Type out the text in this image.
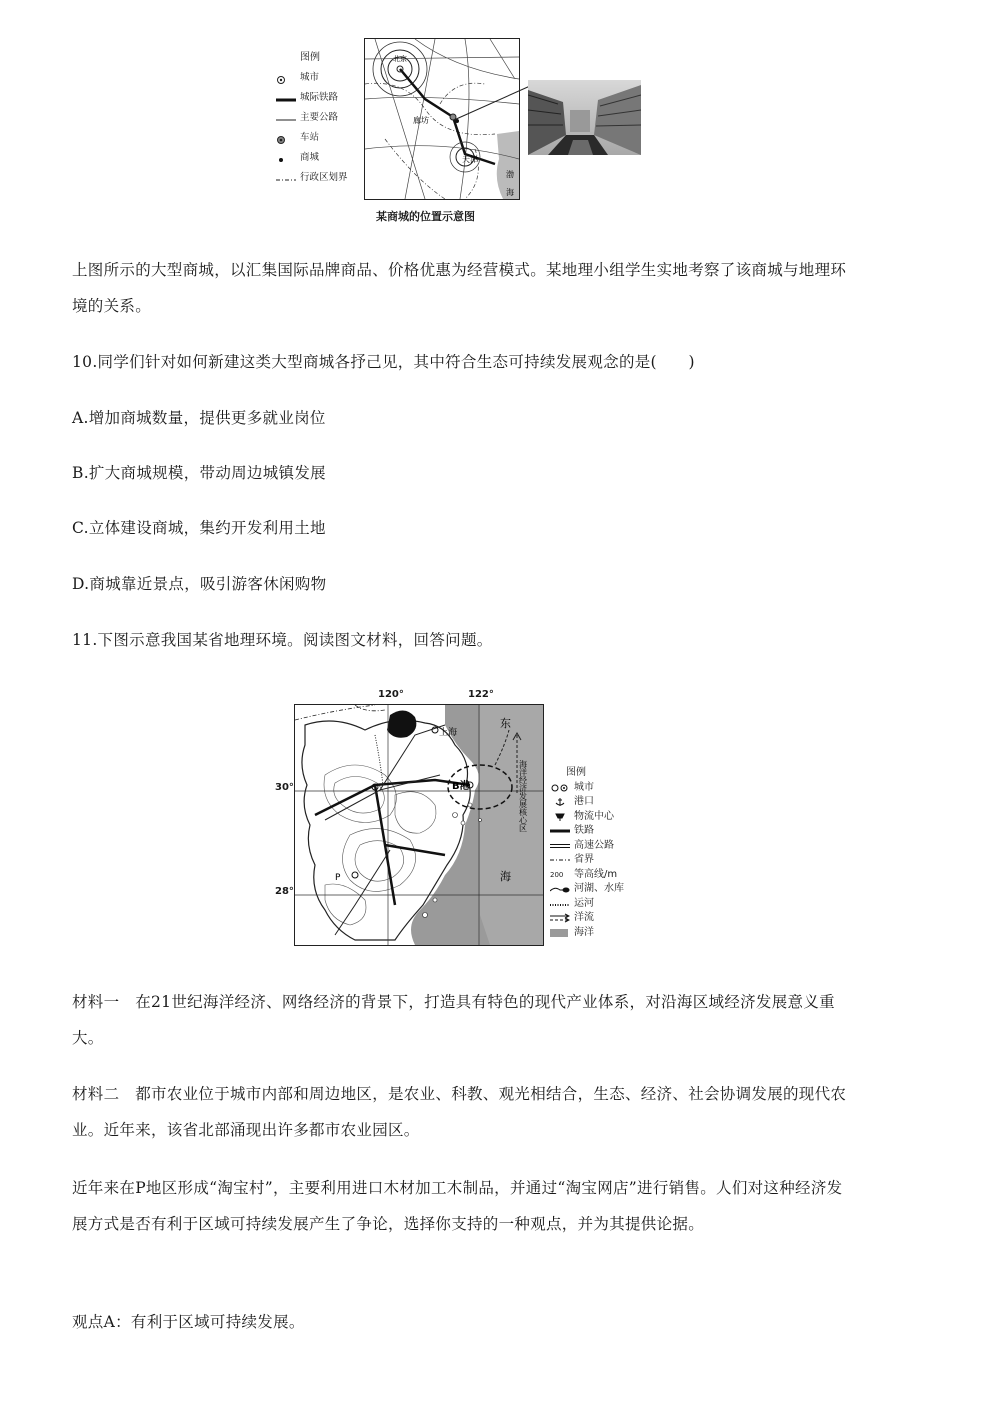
图例
城市
城际铁路
主要公路
车站
商城
行政区划界
北京
廊坊
天津
渤
海
某商城的位置示意图

上图所示的大型商城，以汇集国际品牌商品、价格优惠为经营模式。某地理小组学生实地考察了该商城与地理环境的关系。

10.同学们针对如何新建这类大型商城各抒己见，其中符合生态可持续发展观念的是(　　)

A.增加商城数量，提供更多就业岗位

B.扩大商城规模，带动周边城镇发展

C.立体建设商城，集约开发利用土地

D.商城靠近景点，吸引游客休闲购物

11.下图示意我国某省地理环境。阅读图文材料，回答问题。

120°	122°
30°
28°
上海
东
海
B港
P
海洋经济发展核心区	图例
城市
港口
物流中心
铁路
高速公路
省界
200	等高线/m
河湖、水库
运河
洋流
海洋

材料一　在21世纪海洋经济、网络经济的背景下，打造具有特色的现代产业体系，对沿海区域经济发展意义重大。

材料二　都市农业位于城市内部和周边地区，是农业、科教、观光相结合，生态、经济、社会协调发展的现代农业。近年来，该省北部涌现出许多都市农业园区。

近年来在P地区形成“淘宝村”，主要利用进口木材加工木制品，并通过“淘宝网店”进行销售。人们对这种经济发展方式是否有利于区域可持续发展产生了争论，选择你支持的一种观点，并为其提供论据。

观点A：有利于区域可持续发展。
